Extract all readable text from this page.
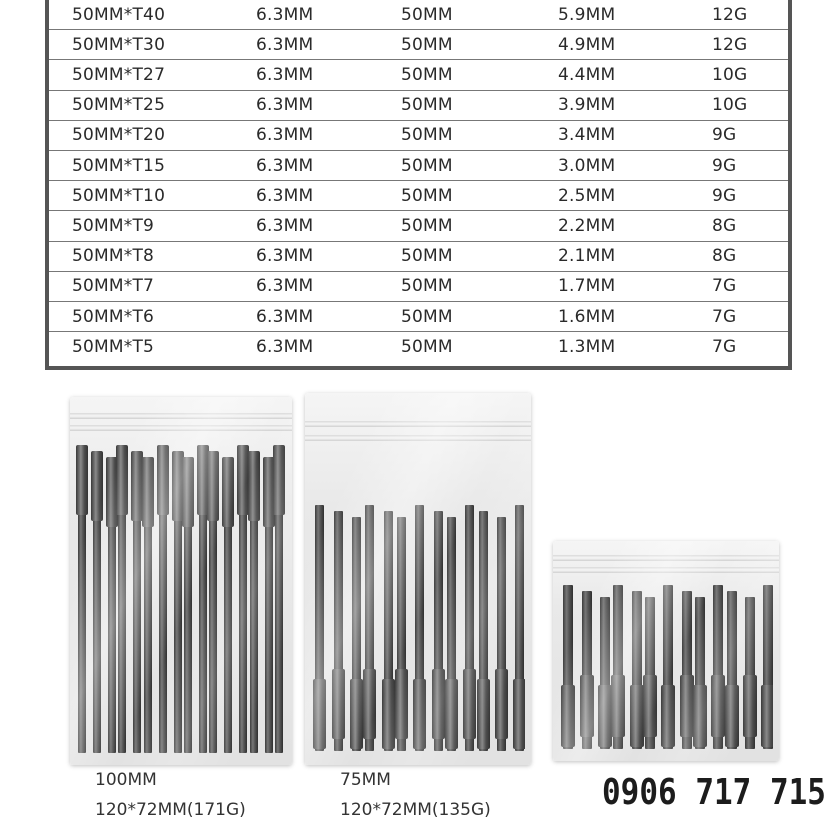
50MM*T40	6.3MM	50MM	5.9MM	12G
50MM*T30	6.3MM	50MM	4.9MM	12G
50MM*T27	6.3MM	50MM	4.4MM	10G
50MM*T25	6.3MM	50MM	3.9MM	10G
50MM*T20	6.3MM	50MM	3.4MM	9G
50MM*T15	6.3MM	50MM	3.0MM	9G
50MM*T10	6.3MM	50MM	2.5MM	9G
50MM*T9	6.3MM	50MM	2.2MM	8G
50MM*T8	6.3MM	50MM	2.1MM	8G
50MM*T7	6.3MM	50MM	1.7MM	7G
50MM*T6	6.3MM	50MM	1.6MM	7G
50MM*T5	6.3MM	50MM	1.3MM	7G
100MM
120*72MM(171G)
75MM
120*72MM(135G)	0906 717 715
